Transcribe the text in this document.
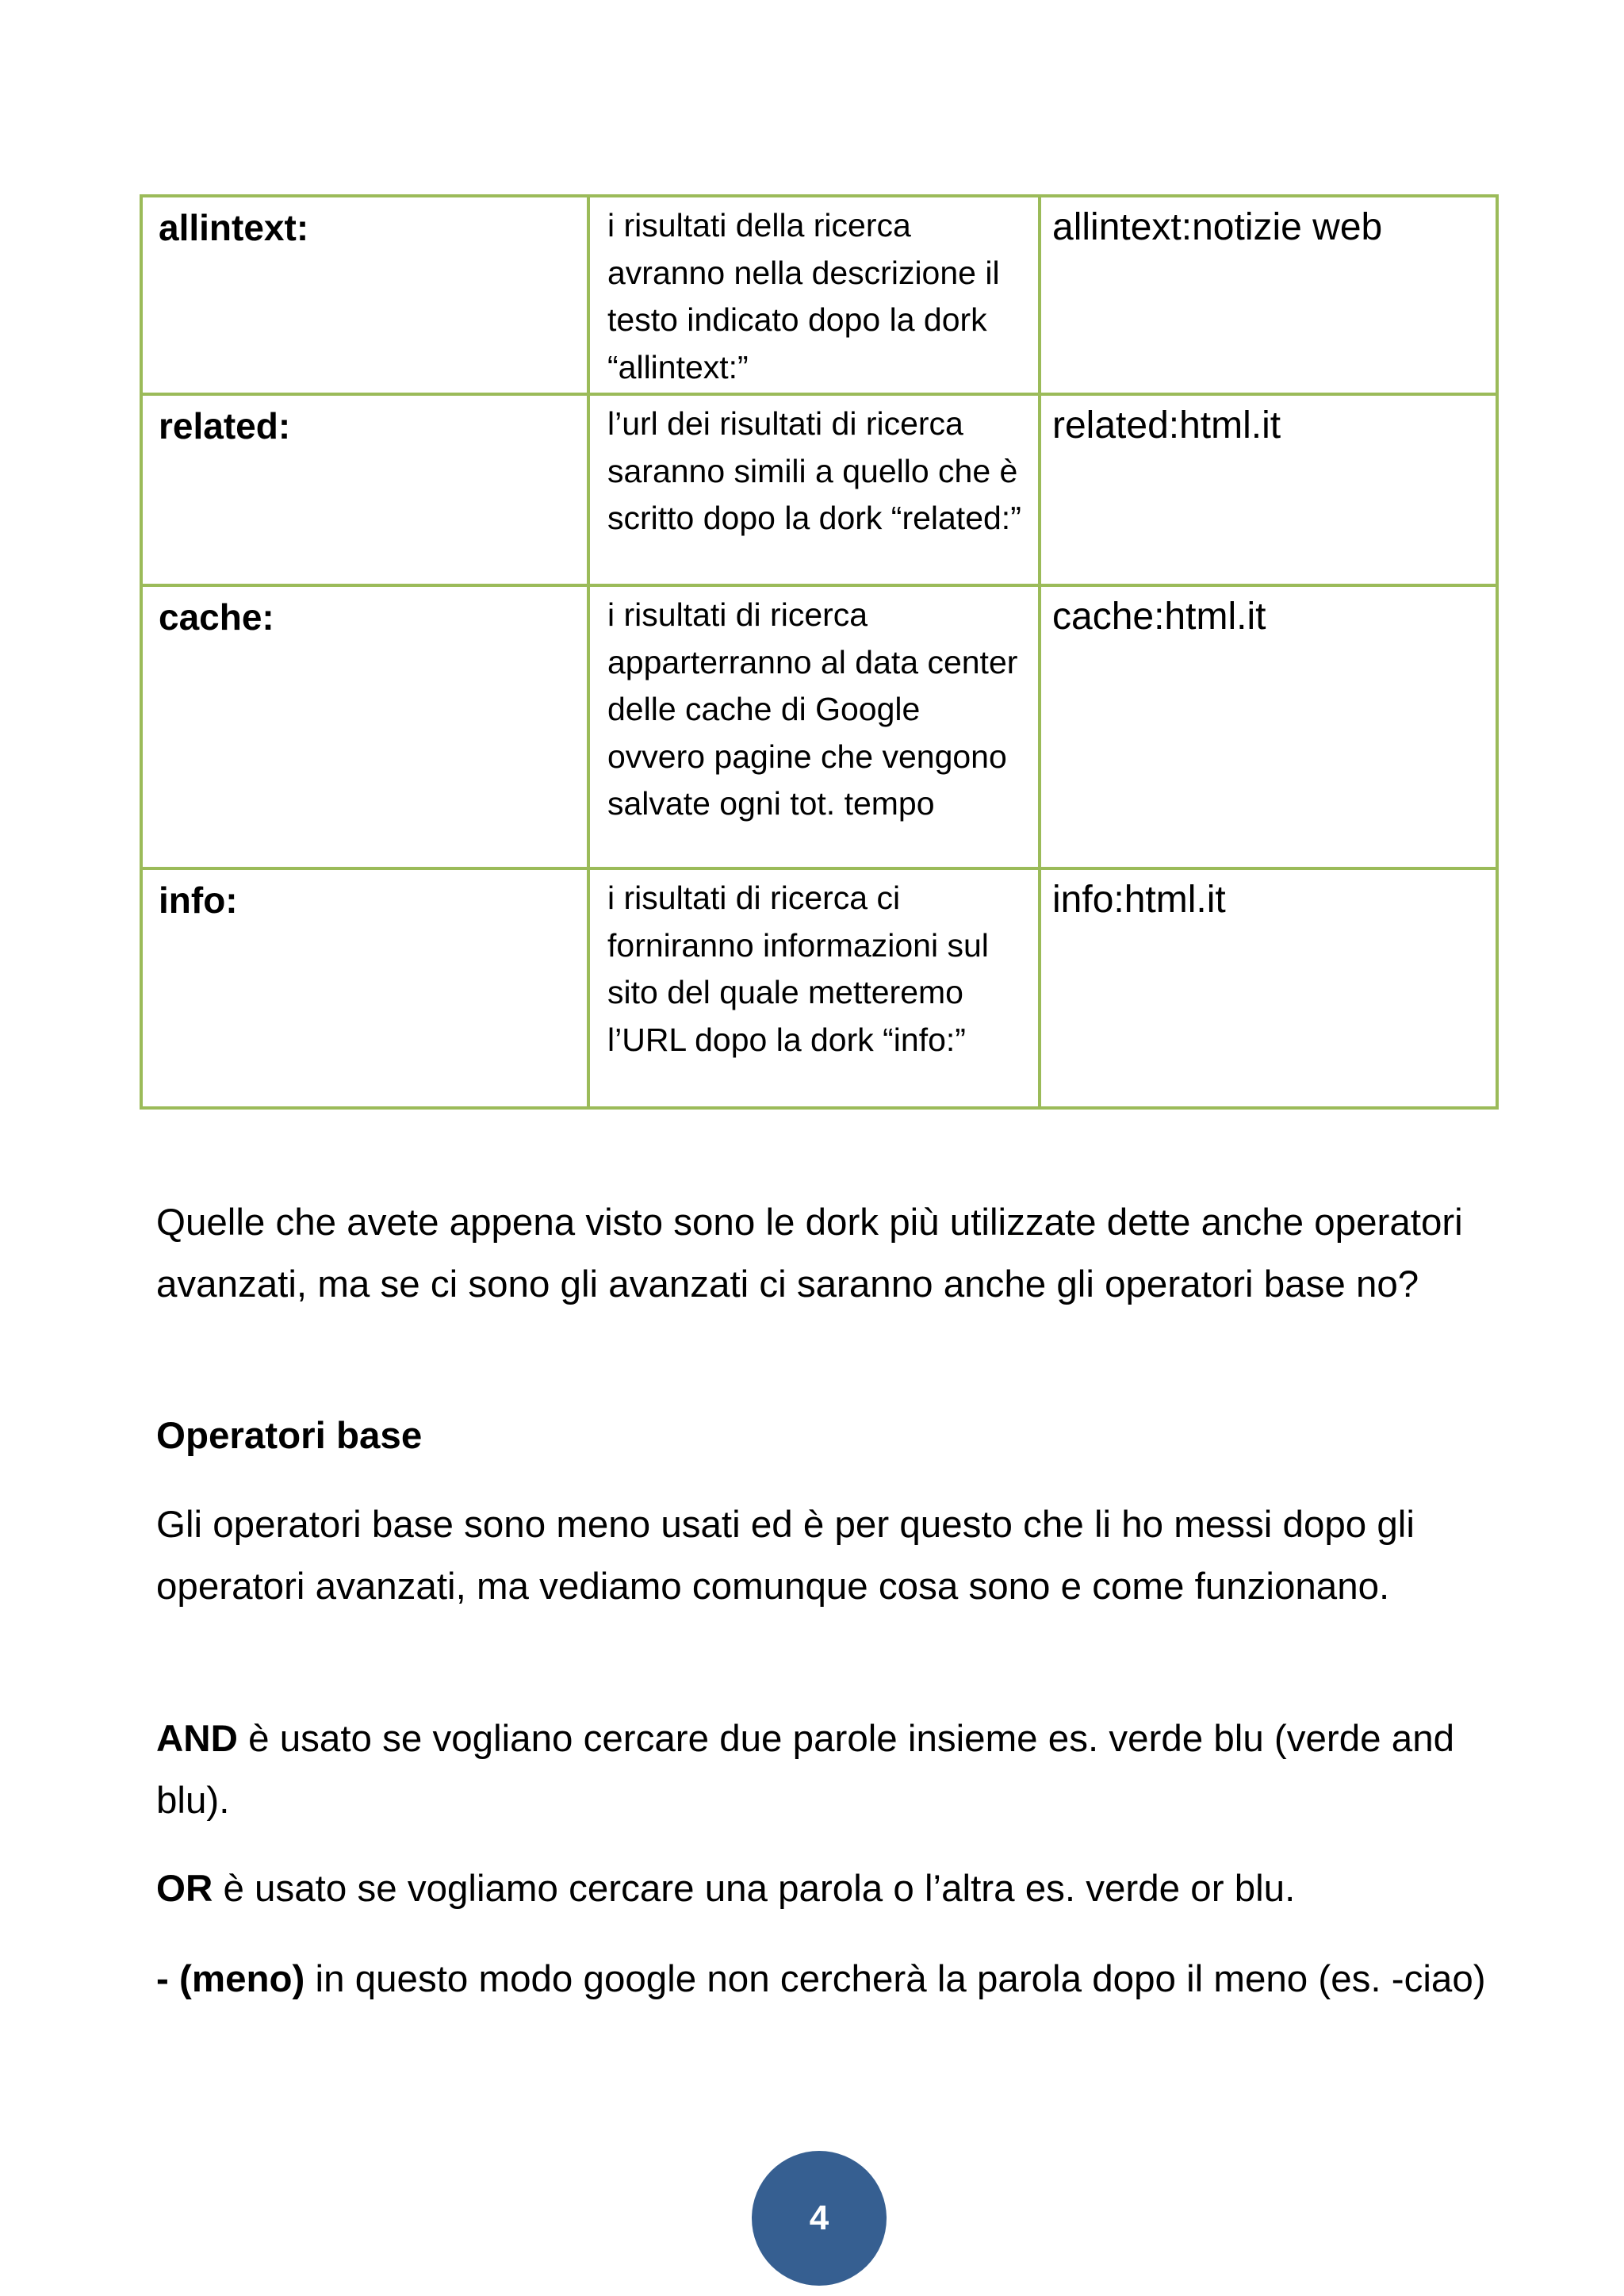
allintext:	i risultati della ricerca avranno nella descrizione il testo indicato dopo la dork “allintext:”	allintext:notizie web

related:	l’url dei risultati di ricerca saranno simili a quello che è scritto dopo la dork “related:”	related:html.it

cache:	i risultati di ricerca apparterranno al data center delle cache di Google ovvero pagine che vengono salvate ogni tot. tempo	cache:html.it

info:	i risultati di ricerca ci forniranno informazioni sul sito del quale metteremo l’URL dopo la dork “info:”	info:html.it

Quelle che avete appena visto sono le dork più utilizzate dette anche operatori avanzati, ma se ci sono gli avanzati ci saranno anche gli operatori base no?

Operatori base

Gli operatori base sono meno usati ed è per questo che li ho messi dopo gli operatori avanzati, ma vediamo comunque cosa sono e come funzionano.

AND è usato se vogliano cercare due parole insieme es. verde blu (verde and blu).

OR è usato se vogliamo cercare una parola o l’altra es. verde or blu.

- (meno) in questo modo google non cercherà la parola dopo il meno (es. -ciao)

4
